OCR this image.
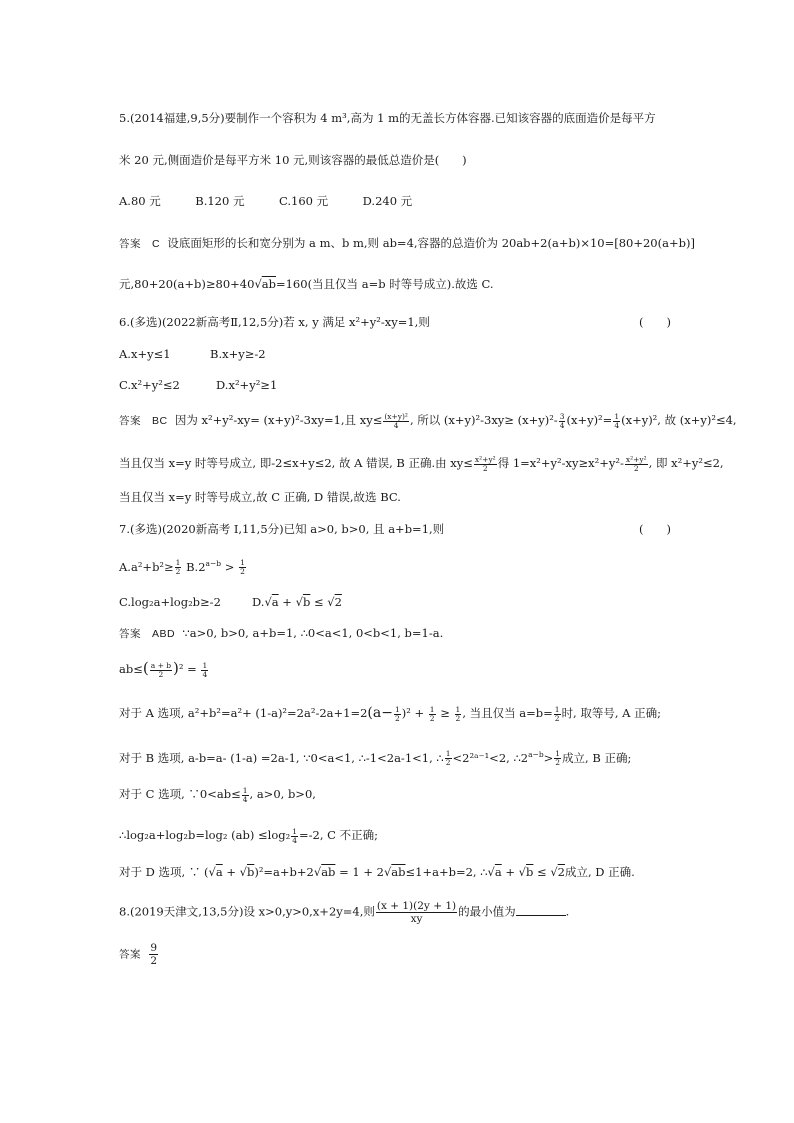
5.(2014福建,9,5分)要制作一个容积为 4 m³,高为 1 m的无盖长方体容器.已知该容器的底面造价是每平方
米 20 元,侧面造价是每平方米 10 元,则该容器的最低总造价是(　　)
A.80 元　　　B.120 元　　　C.160 元　　　D.240 元
答案　C 设底面矩形的长和宽分别为 a m、b m,则 ab=4,容器的总造价为 20ab+2(a+b)×10=[80+20(a+b)]
元,80+20(a+b)≥80+40√ab=160(当且仅当 a=b 时等号成立).故选 C.
6.(多选)(2022新高考Ⅱ,12,5分)若 x, y 满足 x²+y²-xy=1,则	(　　)
A.x+y≤1	B.x+y≥-2
C.x²+y²≤2	D.x²+y²≥1
答案　BC 因为 x²+y²-xy= (x+y)²-3xy=1,且 $xy\le \frac{\text{(x+y)²}}{4}$ , 所以 $(x+y)^2-3xy\ge (x+y)^2- \frac{3}{4} (x+y)^2= \frac{1}{4} (x+y)^2$, 故 (x+y)²≤4,
当且仅当 x=y 时等号成立, 即-2≤x+y≤2, 故 A 错误, B 正确.由 $xy\le \frac{\text{x²+y²}}{2}$ 得 $1=x^2+y^2-xy\ge x^2+y^2- \frac{\text{x²+y²}}{2}$ , 即 x²+y²≤2,
当且仅当 x=y 时等号成立,故 C 正确, D 错误,故选 BC.
7.(多选)(2020新高考 Ⅰ,11,5分)已知 a>0, b>0, 且 a+b=1,则	(　　)
$A.a^2+b^2\ge \frac{1}{2} B.2^{a-b} > \frac{1}{2}$
C.log₂a+log₂b≥-2	D.√a + √b ≤ √2
答案　ABD ∵a>0, b>0, a+b=1, ∴0<a<1, 0<b<1, b=1-a.
$ab\le( \frac{a + b}{2} )^2 = \frac{1}{4}$
对于 A 选项, $a^2+b^2=a^2+ (1-a)^2=2a^2-2a+1=2(a- \frac{1}{2} )^2 + \frac{1}{2} \ge \frac{1}{2}$ , 当且仅当 $a=b= \frac{1}{2}$ 时, 取等号, A 正确;
对于 B 选项, a-b=a- (1-a) =2a-1, ∵0<a<1, ∴-1<2a-1<1, ∴ $\frac{1}{2}$ <2²ᵃ⁻¹<2, $\therefore 2^{a-b}> \frac{1}{2}$ 成立, B 正确;
对于 C 选项, ∵0<ab≤ $\frac{1}{4}$ , a>0, b>0,
∴log₂a+log₂b=log₂ $(ab) \le\log_2 \frac{1}{4} =-2$, C 不正确;
对于 D 选项, ∵ (√a + √b)²=a+b+2√ab = 1 + 2√ab≤1+a+b=2, ∴√a + √b ≤ √2成立, D 正确.
8.(2019天津文,13,5分)设 x>0,y>0,x+2y=4,则 $\frac{(x + 1)(2y + 1)}{xy}$ 的最小值为	.
答案 $\frac{9}{2}$
